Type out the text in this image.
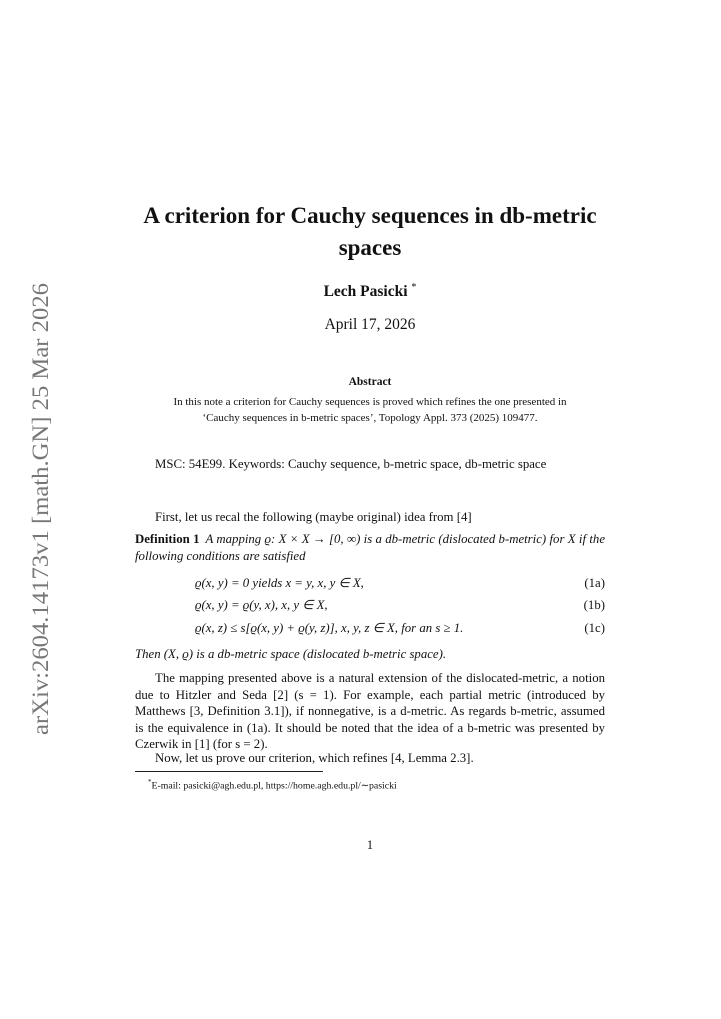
arXiv:2604.14173v1 [math.GN] 25 Mar 2026
A criterion for Cauchy sequences in db-metric spaces
Lech Pasicki *
April 17, 2026
Abstract
In this note a criterion for Cauchy sequences is proved which refines the one presented in ‘Cauchy sequences in b-metric spaces’, Topology Appl. 373 (2025) 109477.
MSC: 54E99. Keywords: Cauchy sequence, b-metric space, db-metric space
First, let us recal the following (maybe original) idea from [4]
Definition 1 A mapping ϱ: X × X → [0, ∞) is a db-metric (dislocated b-metric) for X if the following conditions are satisfied
ϱ(x, y) = 0 yields x = y, x, y ∈ X,	(1a)
ϱ(x, y) = ϱ(y, x), x, y ∈ X,	(1b)
ϱ(x, z) ≤ s[ϱ(x, y) + ϱ(y, z)], x, y, z ∈ X, for an s ≥ 1.	(1c)
Then (X, ϱ) is a db-metric space (dislocated b-metric space).
The mapping presented above is a natural extension of the dislocated-metric, a notion due to Hitzler and Seda [2] (s = 1). For example, each partial metric (introduced by Matthews [3, Definition 3.1]), if nonnegative, is a d-metric. As regards b-metric, assumed is the equivalence in (1a). It should be noted that the idea of a b-metric was presented by Czerwik in [1] (for s = 2).
Now, let us prove our criterion, which refines [4, Lemma 2.3].
*E-mail: pasicki@agh.edu.pl, https://home.agh.edu.pl/∼pasicki
1
